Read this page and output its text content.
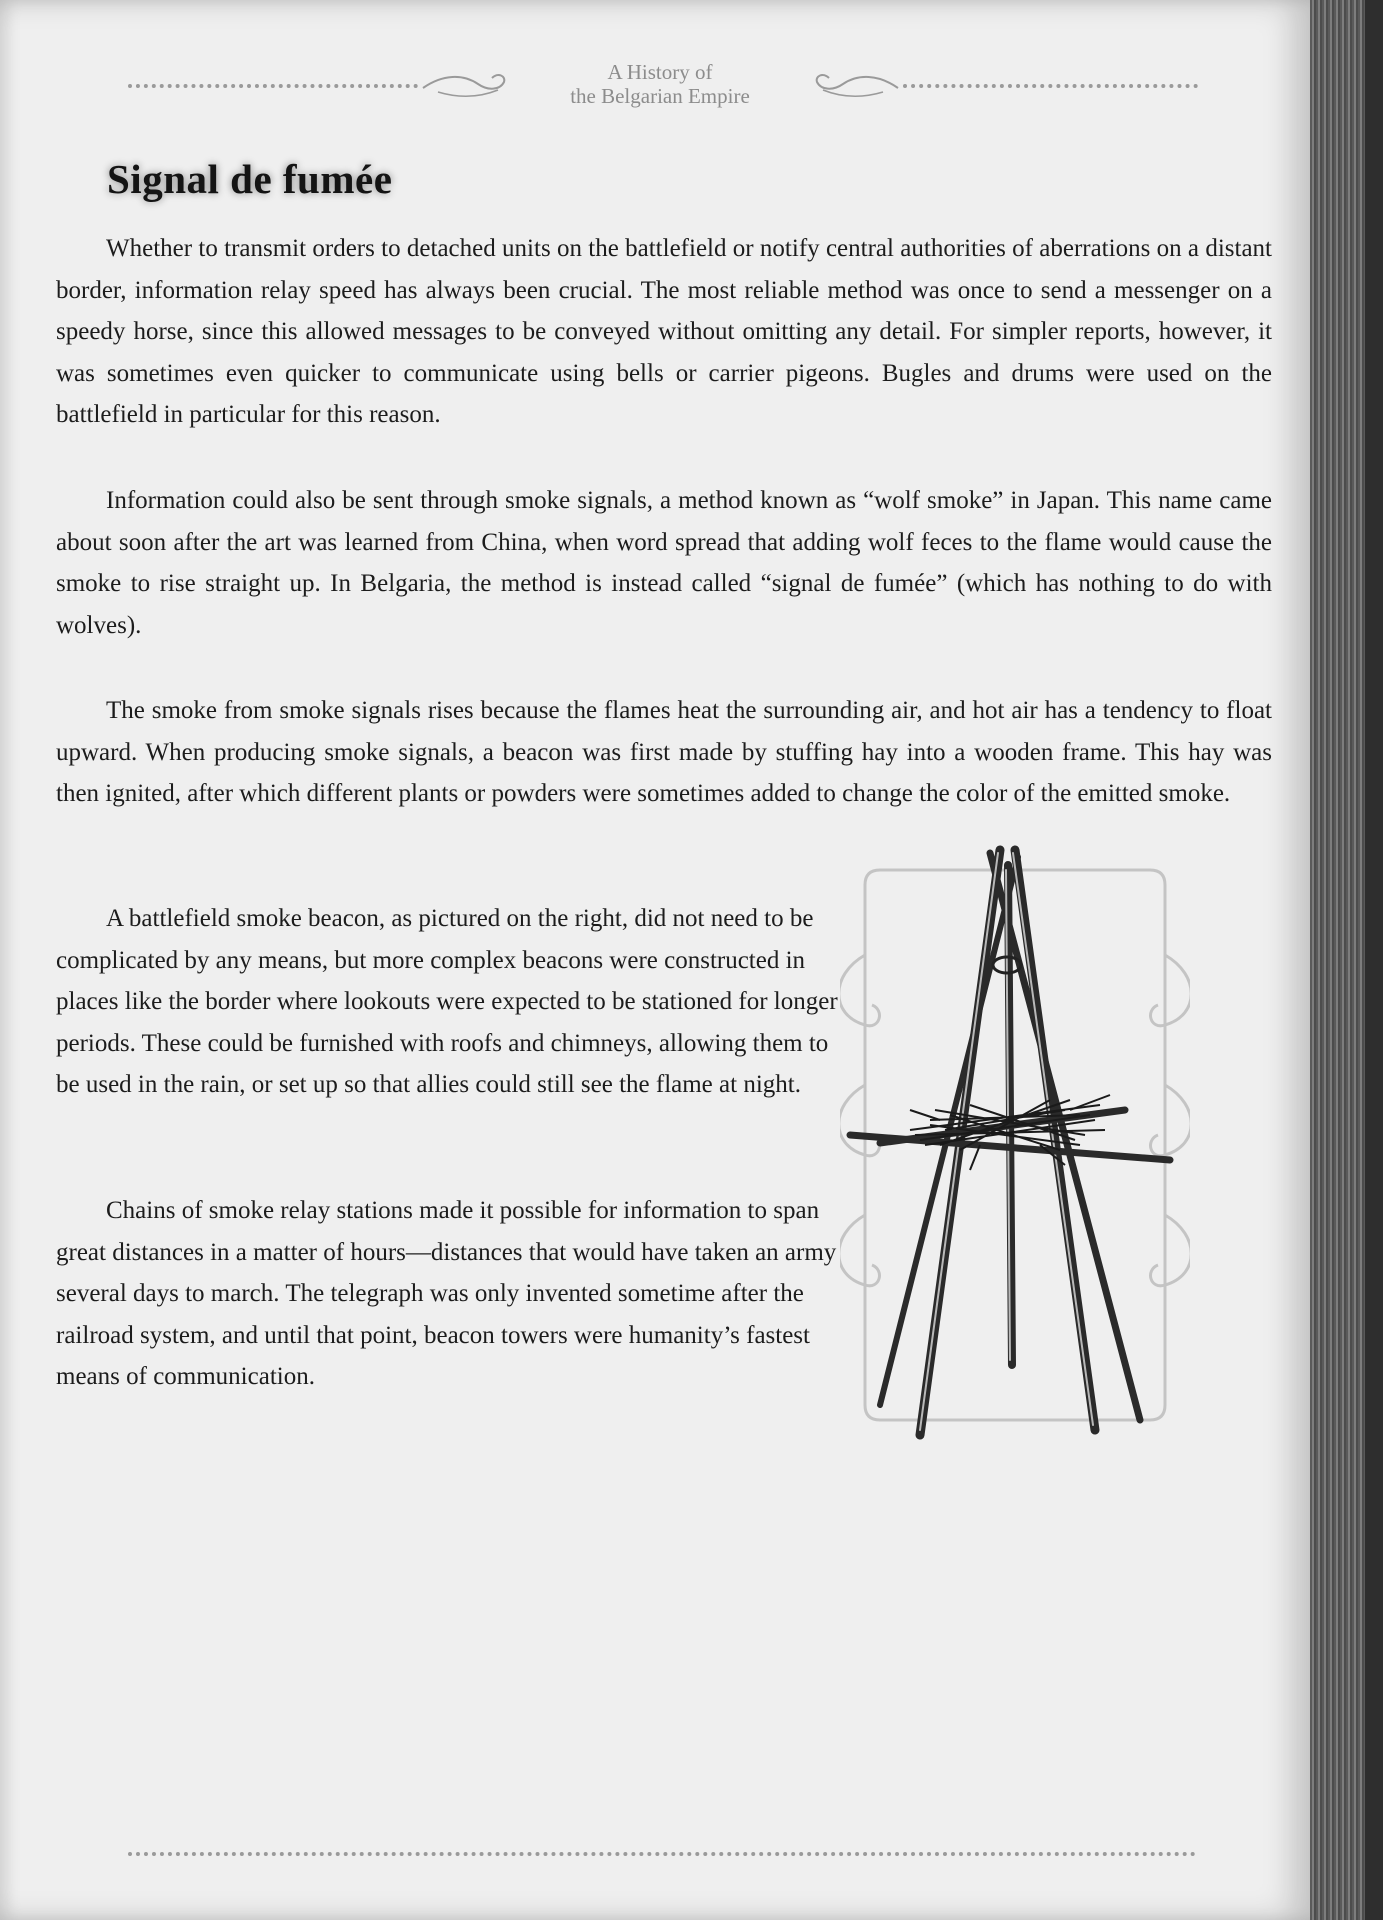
A History of
the Belgarian Empire
Signal de fumée

Whether to transmit orders to detached units on the battlefield or notify central authorities of aberrations on a distant border, information relay speed has always been crucial. The most reliable method was once to send a messenger on a speedy horse, since this allowed messages to be conveyed without omitting any detail. For simpler reports, however, it was sometimes even quicker to communicate using bells or carrier pigeons. Bugles and drums were used on the battlefield in particular for this reason.

Information could also be sent through smoke signals, a method known as “wolf smoke” in Japan. This name came about soon after the art was learned from China, when word spread that adding wolf feces to the flame would cause the smoke to rise straight up. In Belgaria, the method is instead called “signal de fumée” (which has nothing to do with wolves).

The smoke from smoke signals rises because the flames heat the surrounding air, and hot air has a tendency to float upward. When producing smoke signals, a beacon was first made by stuffing hay into a wooden frame. This hay was then ignited, after which different plants or powders were sometimes added to change the color of the emitted smoke.

A battlefield smoke beacon, as pictured on the right, did not need to be complicated by any means, but more complex beacons were constructed in places like the border where lookouts were expected to be stationed for longer periods. These could be furnished with roofs and chimneys, allowing them to be used in the rain, or set up so that allies could still see the flame at night.

Chains of smoke relay stations made it possible for information to span great distances in a matter of hours—distances that would have taken an army several days to march. The telegraph was only invented sometime after the railroad system, and until that point, beacon towers were humanity’s fastest means of communication.
